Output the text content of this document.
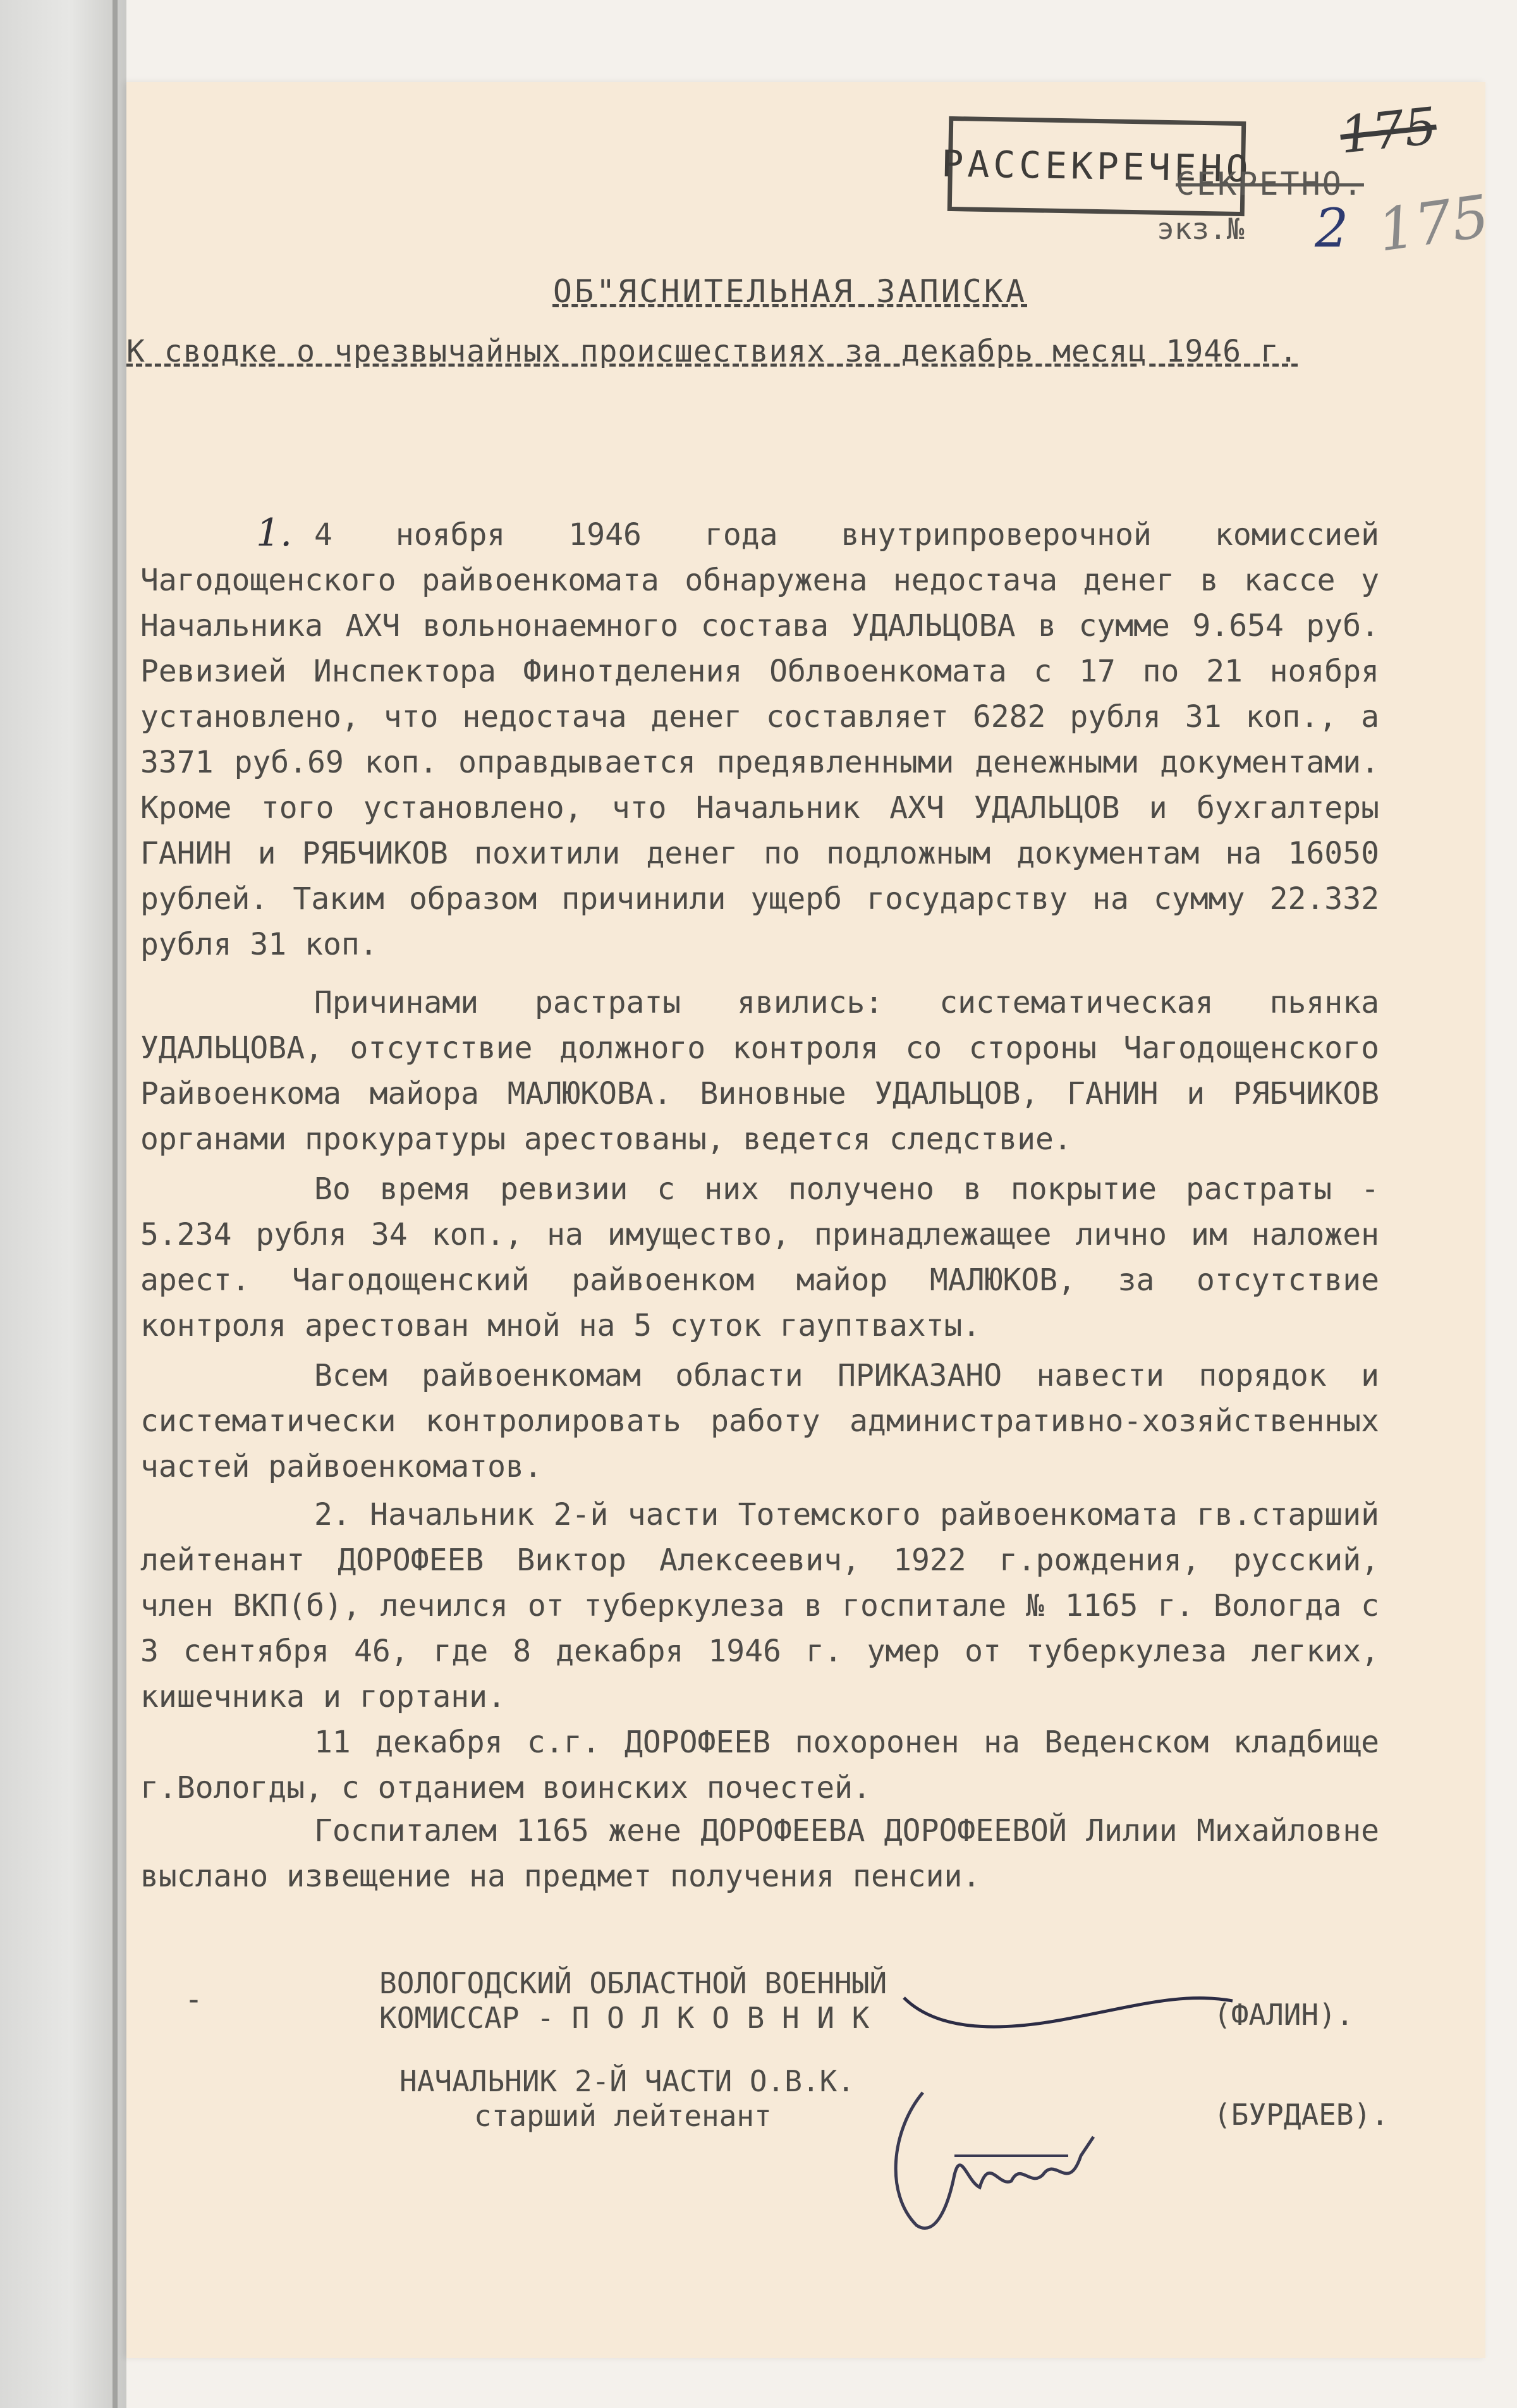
РАССЕКРЕЧЕНО
СЕКРЕТНО.
экз.№ 2
175
175
ОБ"ЯСНИТЕЛЬНАЯ ЗАПИСКА
К сводке о чрезвычайных происшествиях за декабрь месяц 1946 г.
1. 4 ноября 1946 года внутрипроверочной комиссией Чагодощенского райвоенкомата обнаружена недостача денег в кассе у Начальника АХЧ вольнонаемного состава УДАЛЬЦОВА в сумме 9.654 руб. Ревизией Инспектора Финотделения Облвоенкомата с 17 по 21 ноября установлено, что недостача денег составляет 6282 рубля 31 коп., а 3371 руб.69 коп. оправдывается предявленными денежными документами. Кроме того установлено, что Начальник АХЧ УДАЛЬЦОВ и бухгалтеры ГАНИН и РЯБЧИКОВ похитили денег по подложным документам на 16050 рублей. Таким образом причинили ущерб государству на сумму 22.332 рубля 31 коп.

Причинами растраты явились: систематическая пьянка УДАЛЬЦОВА, отсутствие должного контроля со стороны Чагодощенского Райвоенкома майора МАЛЮКОВА. Виновные УДАЛЬЦОВ, ГАНИН и РЯБЧИКОВ органами прокуратуры арестованы, ведется следствие.

Во время ревизии с них получено в покрытие растраты - 5.234 рубля 34 коп., на имущество, принадлежащее лично им наложен арест. Чагодощенский райвоенком майор МАЛЮКОВ, за отсутствие контроля арестован мной на 5 суток гауптвахты.

Всем райвоенкомам области ПРИКАЗАНО навести порядок и систематически контролировать работу административно-хозяйственных частей райвоенкоматов.

2. Начальник 2-й части Тотемского райвоенкомата гв.старший лейтенант ДОРОФЕЕВ Виктор Алексеевич, 1922 г.рождения, русский, член ВКП(б), лечился от туберкулеза в госпитале № 1165 г. Вологда с 3 сентября 46, где 8 декабря 1946 г. умер от туберкулеза легких, кишечника и гортани.

11 декабря с.г. ДОРОФЕЕВ похоронен на Веденском кладбище г.Вологды, с отданием воинских почестей.

Госпиталем 1165 жене ДОРОФЕЕВА ДОРОФЕЕВОЙ Лилии Михайловне выслано извещение на предмет получения пенсии.

-	ВОЛОГОДСКИЙ ОБЛАСТНОЙ ВОЕННЫЙ
КОМИССАР - П О Л К О В Н И К	(ФАЛИН).
НАЧАЛЬНИК 2-Й ЧАСТИ О.В.К.
старший лейтенант	(БУРДАЕВ).
